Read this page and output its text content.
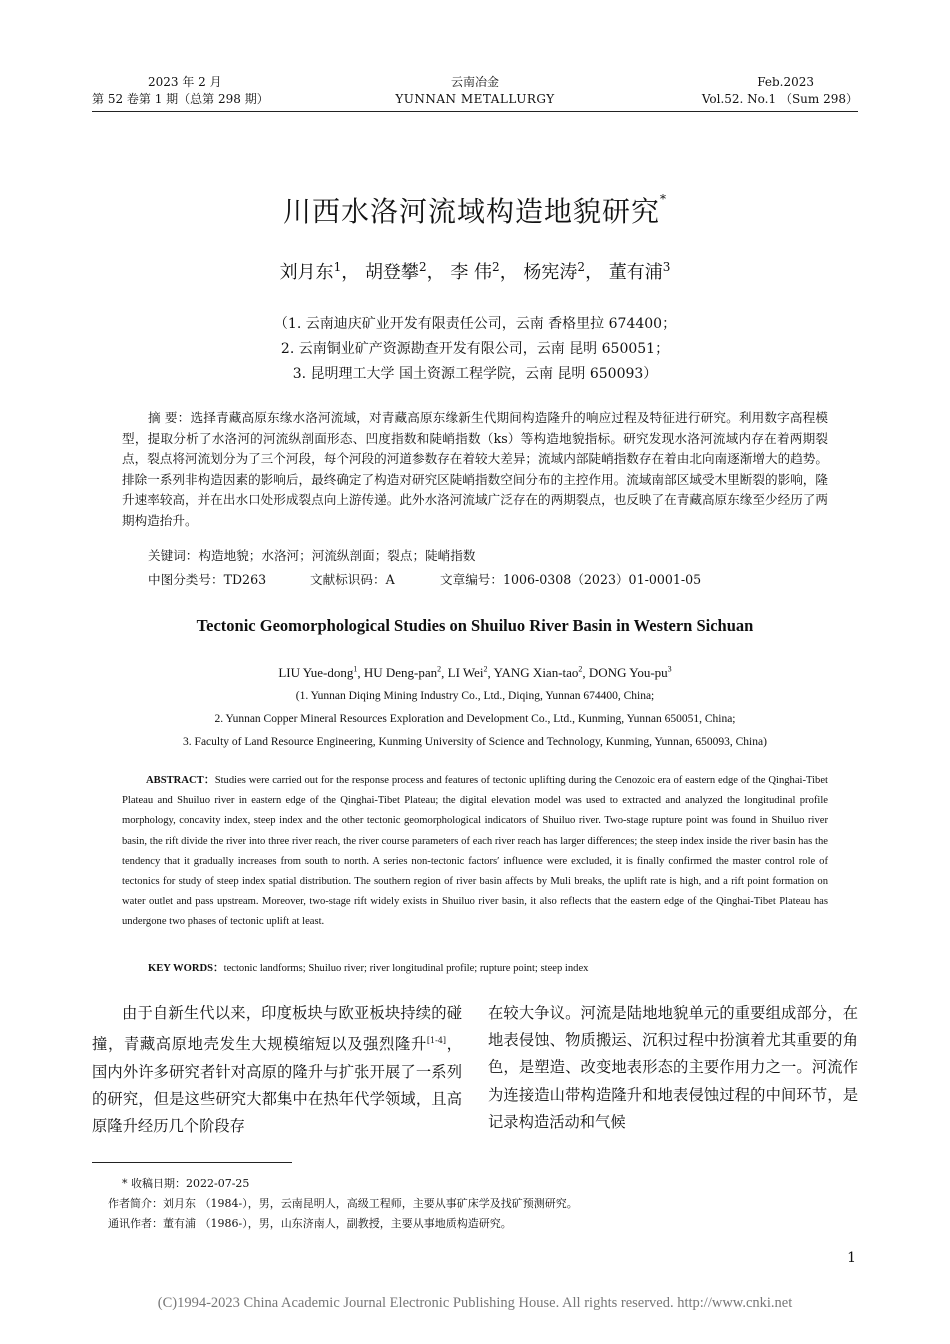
2023 年 2 月
第 52 卷第 1 期（总第 298 期）
云南冶金
YUNNAN METALLURGY
Feb.2023
Vol.52. No.1 （Sum 298）
川西水洛河流域构造地貌研究*
刘月东$^1$， 胡登攀$^2$， 李 伟$^2$， 杨宪涛$^2$， 董有浦$^3$
（1. 云南迪庆矿业开发有限责任公司，云南 香格里拉 674400；
2. 云南铜业矿产资源勘查开发有限公司，云南 昆明 650051；
3. 昆明理工大学 国土资源工程学院，云南 昆明 650093）
摘 要：选择青藏高原东缘水洛河流域，对青藏高原东缘新生代期间构造隆升的响应过程及特征进行研究。利用数字高程模型，提取分析了水洛河的河流纵剖面形态、凹度指数和陡峭指数（ks）等构造地貌指标。研究发现水洛河流域内存在着两期裂点，裂点将河流划分为了三个河段，每个河段的河道参数存在着较大差异；流域内部陡峭指数存在着由北向南逐渐增大的趋势。排除一系列非构造因素的影响后，最终确定了构造对研究区陡峭指数空间分布的主控作用。流域南部区域受木里断裂的影响，隆升速率较高，并在出水口处形成裂点向上游传递。此外水洛河流域广泛存在的两期裂点，也反映了在青藏高原东缘至少经历了两期构造抬升。
关键词：构造地貌；水洛河；河流纵剖面；裂点；陡峭指数
中图分类号：TD263	文献标识码：A	文章编号：1006-0308（2023）01-0001-05
Tectonic Geomorphological Studies on Shuiluo River Basin in Western Sichuan
LIU Yue-dong$^1$, HU Deng-pan$^2$, LI Wei$^2$, YANG Xian-tao$^2$, DONG You-$pu^3$
(1. Yunnan Diqing Mining Industry Co., Ltd., Diqing, Yunnan 674400, China;
2. Yunnan Copper Mineral Resources Exploration and Development Co., Ltd., Kunming, Yunnan 650051, China;
3. Faculty of Land Resource Engineering, Kunming University of Science and Technology, Kunming, Yunnan, 650093, China)
ABSTRACT：Studies were carried out for the response process and features of tectonic uplifting during the Cenozoic era of eastern edge of the Qinghai-Tibet Plateau and Shuiluo river in eastern edge of the Qinghai-Tibet Plateau; the digital elevation model was used to extracted and analyzed the longitudinal profile morphology, concavity index, steep index and the other tectonic geomorphological indicators of Shuiluo river. Two-stage rupture point was found in Shuiluo river basin, the rift divide the river into three river reach, the river course parameters of each river reach has larger differences; the steep index inside the river basin has the tendency that it gradually increases from south to north. A series non-tectonic factors′ influence were excluded, it is finally confirmed the master control role of tectonics for study of steep index spatial distribution. The southern region of river basin affects by Muli breaks, the uplift rate is high, and a rift point formation on water outlet and pass upstream. Moreover, two-stage rift widely exists in Shuiluo river basin, it also reflects that the eastern edge of the Qinghai-Tibet Plateau has undergone two phases of tectonic uplift at least.
KEY WORDS：tectonic landforms; Shuiluo river; river longitudinal profile; rupture point; steep index
由于自新生代以来，印度板块与欧亚板块持续的碰撞，青藏高原地壳发生大规模缩短以及强烈隆升[1-4]，国内外许多研究者针对高原的隆升与扩张开展了一系列的研究，但是这些研究大都集中在热年代学领域，且高原隆升经历几个阶段存
在较大争议。河流是陆地地貌单元的重要组成部分，在地表侵蚀、物质搬运、沉积过程中扮演着尤其重要的角色，是塑造、改变地表形态的主要作用力之一。河流作为连接造山带构造隆升和地表侵蚀过程的中间环节，是记录构造活动和气候
* 收稿日期：2022-07-25
作者简介：刘月东 （1984-），男，云南昆明人，高级工程师，主要从事矿床学及找矿预测研究。
通讯作者：董有浦 （1986-），男，山东济南人，副教授，主要从事地质构造研究。
1
(C)1994-2023 China Academic Journal Electronic Publishing House. All rights reserved. http://www.cnki.net
